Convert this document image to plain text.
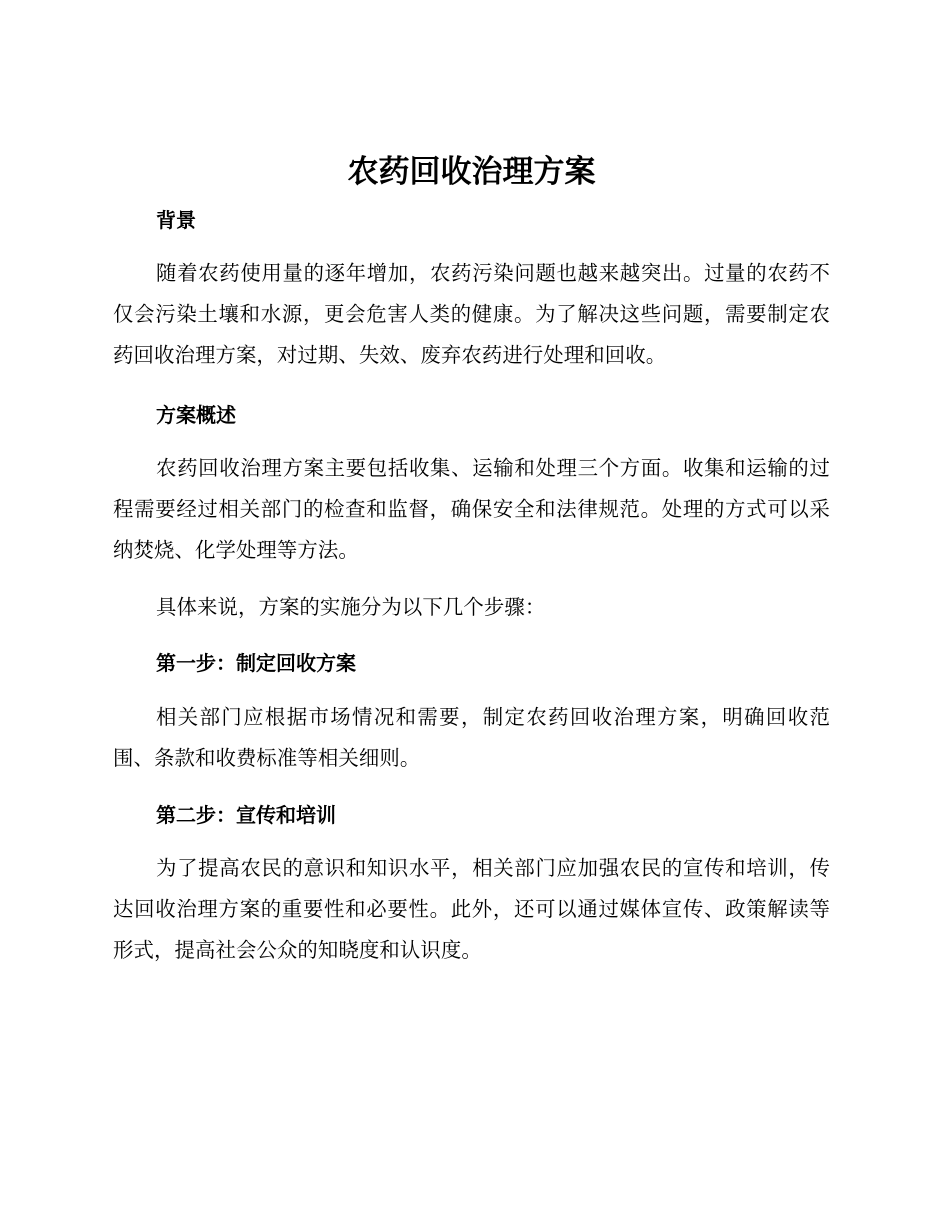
农药回收治理方案
背景

随着农药使用量的逐年增加，农药污染问题也越来越突出。过量的农药不仅会污染土壤和水源，更会危害人类的健康。为了解决这些问题，需要制定农药回收治理方案，对过期、失效、废弃农药进行处理和回收。

方案概述

农药回收治理方案主要包括收集、运输和处理三个方面。收集和运输的过程需要经过相关部门的检查和监督，确保安全和法律规范。处理的方式可以采纳焚烧、化学处理等方法。

具体来说，方案的实施分为以下几个步骤：

第一步：制定回收方案

相关部门应根据市场情况和需要，制定农药回收治理方案，明确回收范围、条款和收费标准等相关细则。

第二步：宣传和培训

为了提高农民的意识和知识水平，相关部门应加强农民的宣传和培训，传达回收治理方案的重要性和必要性。此外，还可以通过媒体宣传、政策解读等形式，提高社会公众的知晓度和认识度。
